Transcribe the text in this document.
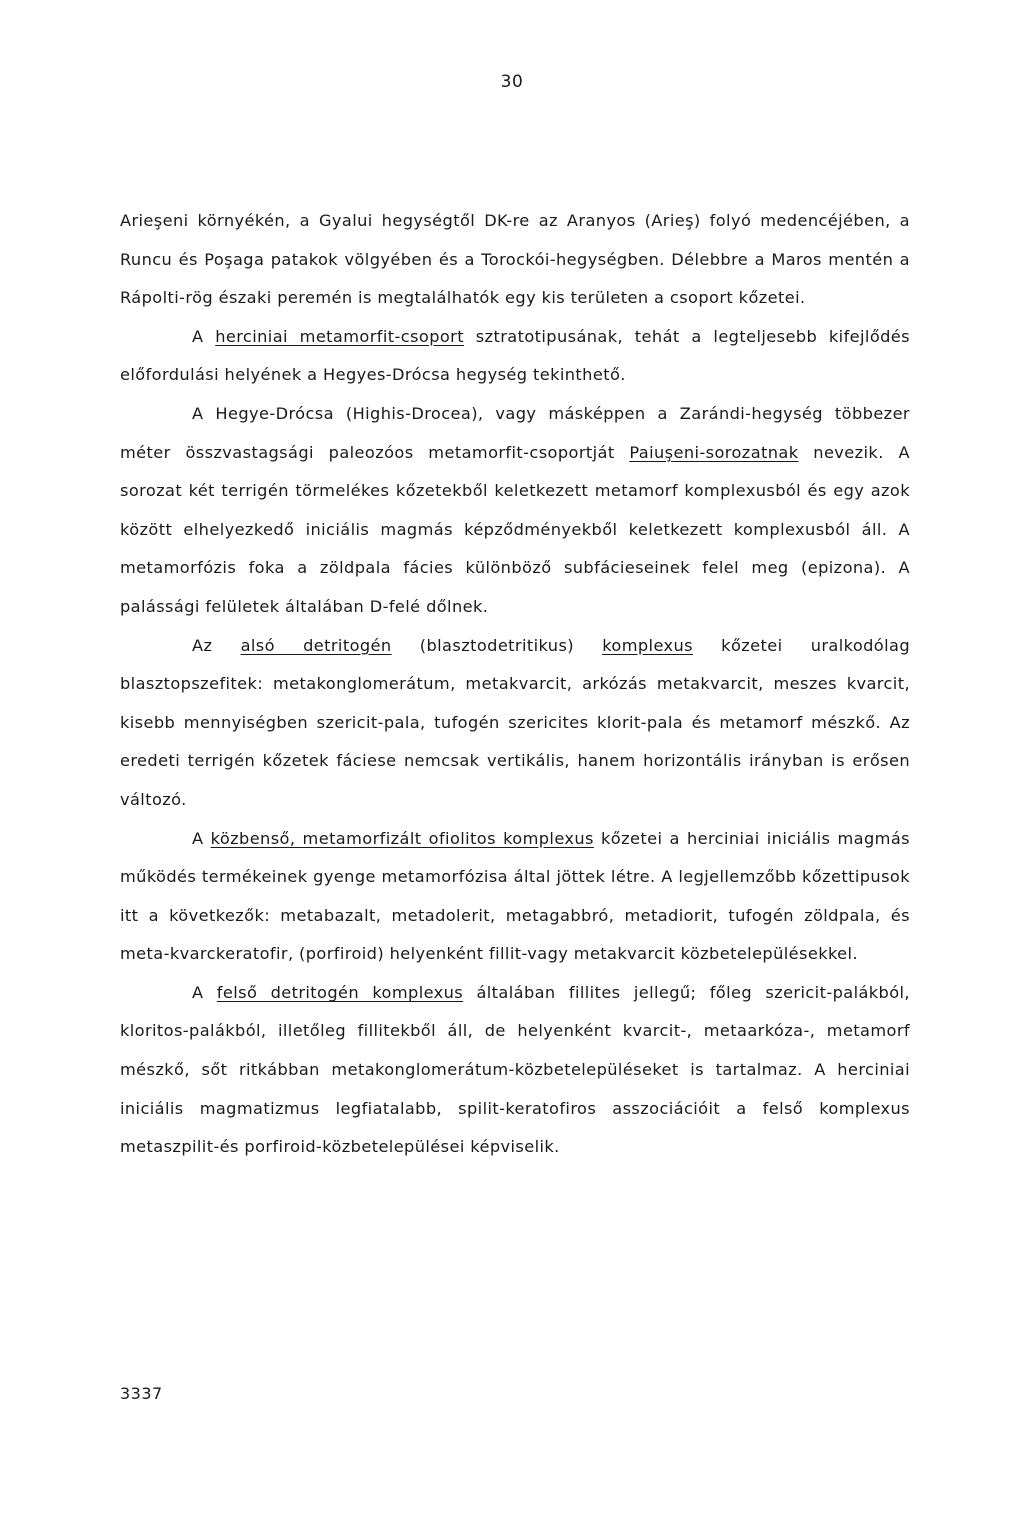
30

Arieşeni környékén, a Gyalui hegységtől DK-re az Aranyos (Arieş) folyó medencéjében, a Runcu és Poşaga patakok völgyében és a Torockói-hegységben. Délebbre a Maros mentén a Rápolti-rög északi peremén is megtalálhatók egy kis területen a csoport kőzetei.

A herciniai metamorfit-csoport sztratotipusának, tehát a legteljesebb kifejlődés előfordulási helyének a Hegyes-Drócsa hegység tekinthető.

A Hegye-Drócsa (Highis-Drocea), vagy másképpen a Zarándi-hegység többezer méter összvastagsági paleozóos metamorfit-csoportját Paiuşeni-sorozatnak nevezik. A sorozat két terrigén törmelékes kőzetekből keletkezett metamorf komplexusból és egy azok között elhelyezkedő iniciális magmás képződményekből keletkezett komplexusból áll. A metamorfózis foka a zöldpala fácies különböző subfácieseinek felel meg (epizona). A palássági felületek általában D-felé dőlnek.

Az alsó detritogén (blasztodetritikus) komplexus kőzetei uralkodólag blasztopszefitek: metakonglomerátum, metakvarcit, arkózás metakvarcit, meszes kvarcit, kisebb mennyiségben szericit-pala, tufogén szericites klorit-pala és metamorf mészkő. Az eredeti terrigén kőzetek fáciese nemcsak vertikális, hanem horizontális irányban is erősen változó.

A közbenső, metamorfizált ofiolitos komplexus kőzetei a herciniai iniciális magmás működés termékeinek gyenge metamorfózisa által jöttek létre. A legjellemzőbb kőzettipusok itt a következők: metabazalt, metadolerit, metagabbró, metadiorit, tufogén zöldpala, és meta-kvarckeratofir, (porfiroid) helyenként fillit-vagy metakvarcit közbetelepülésekkel.

A felső detritogén komplexus általában fillites jellegű; főleg szericit-palákból, kloritos-palákból, illetőleg fillitekből áll, de helyenként kvarcit-, metaarkóza-, metamorf mészkő, sőt ritkábban metakonglomerátum-közbetelepüléseket is tartalmaz. A herciniai iniciális magmatizmus legfiatalabb, spilit-keratofiros asszociációit a felső komplexus metaszpilit-és porfiroid-közbetelepülései képviselik.

3337
